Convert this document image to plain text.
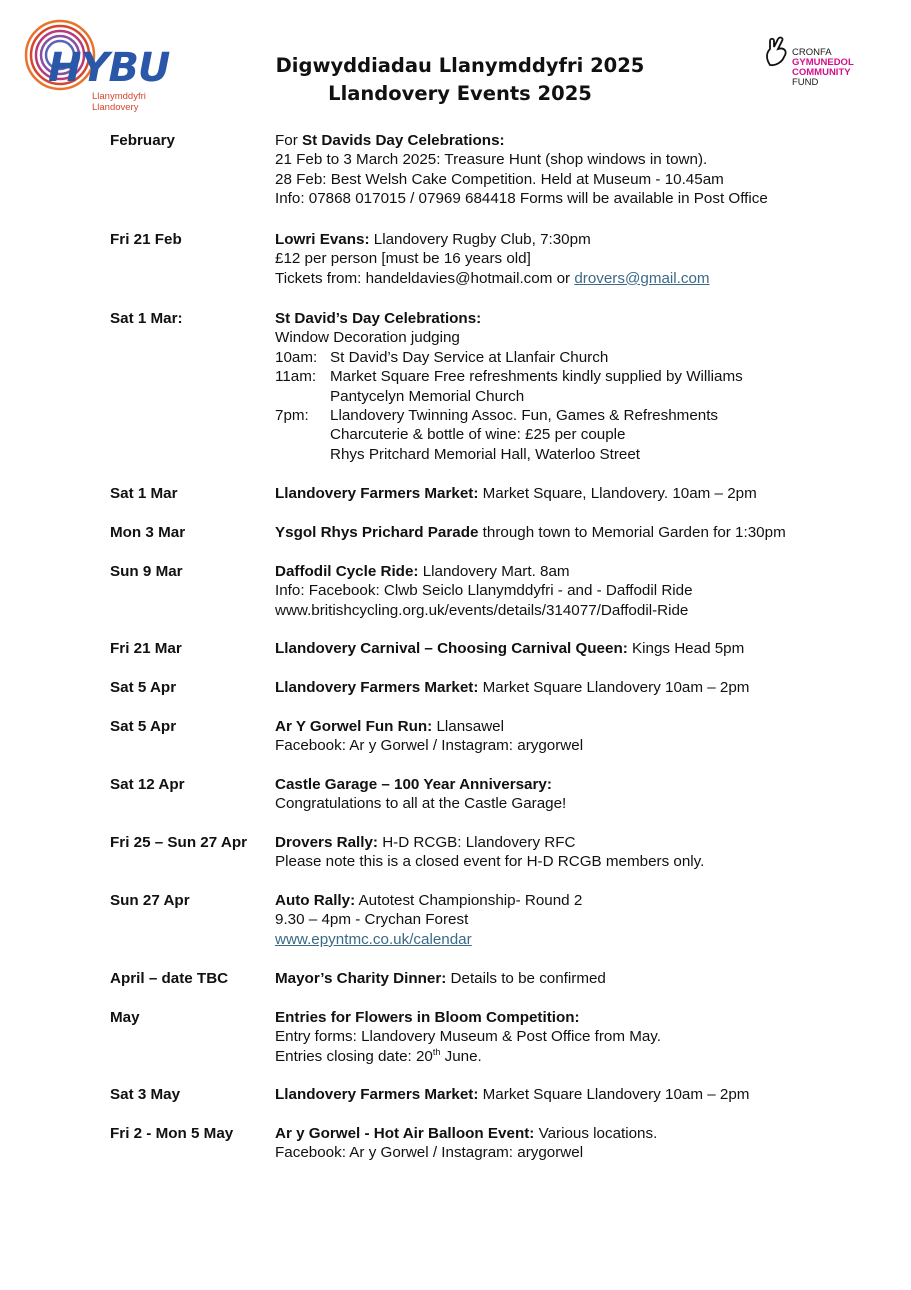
HYBU
Llanymddyfri
Llandovery
Digwyddiadau Llanymddyfri 2025
Llandovery Events 2025
CRONFA
GYMUNEDOL
COMMUNITY
FUND
February	For St Davids Day Celebrations:
21 Feb to 3 March 2025: Treasure Hunt (shop windows in town).
28 Feb: Best Welsh Cake Competition. Held at Museum - 10.45am
Info: 07868 017015 / 07969 684418 Forms will be available in Post Office
Fri 21 Feb	Lowri Evans: Llandovery Rugby Club, 7:30pm
£12 per person [must be 16 years old]
Tickets from: handeldavies@hotmail.com or drovers@gmail.com
Sat 1 Mar:	St David’s Day Celebrations:
Window Decoration judging
10am: St David’s Day Service at Llanfair Church
11am: Market Square Free refreshments kindly supplied by Williams
Pantycelyn Memorial Church
7pm: Llandovery Twinning Assoc. Fun, Games & Refreshments
Charcuterie & bottle of wine: £25 per couple
Rhys Pritchard Memorial Hall, Waterloo Street
Sat 1 Mar	Llandovery Farmers Market: Market Square, Llandovery. 10am – 2pm
Mon 3 Mar	Ysgol Rhys Prichard Parade through town to Memorial Garden for 1:30pm
Sun 9 Mar	Daffodil Cycle Ride: Llandovery Mart. 8am
Info: Facebook: Clwb Seiclo Llanymddyfri - and - Daffodil Ride
www.britishcycling.org.uk/events/details/314077/Daffodil-Ride
Fri 21 Mar	Llandovery Carnival – Choosing Carnival Queen: Kings Head 5pm
Sat 5 Apr	Llandovery Farmers Market: Market Square Llandovery 10am – 2pm
Sat 5 Apr	Ar Y Gorwel Fun Run: Llansawel
Facebook: Ar y Gorwel / Instagram: arygorwel
Sat 12 Apr	Castle Garage – 100 Year Anniversary:
Congratulations to all at the Castle Garage!
Fri 25 – Sun 27 Apr	Drovers Rally: H-D RCGB: Llandovery RFC
Please note this is a closed event for H-D RCGB members only.
Sun 27 Apr	Auto Rally: Autotest Championship- Round 2
9.30 – 4pm - Crychan Forest
www.epyntmc.co.uk/calendar
April – date TBC	Mayor’s Charity Dinner: Details to be confirmed
May	Entries for Flowers in Bloom Competition:
Entry forms: Llandovery Museum & Post Office from May.
Entries closing date: 20th June.
Sat 3 May	Llandovery Farmers Market: Market Square Llandovery 10am – 2pm
Fri 2 - Mon 5 May	Ar y Gorwel - Hot Air Balloon Event: Various locations.
Facebook: Ar y Gorwel / Instagram: arygorwel
